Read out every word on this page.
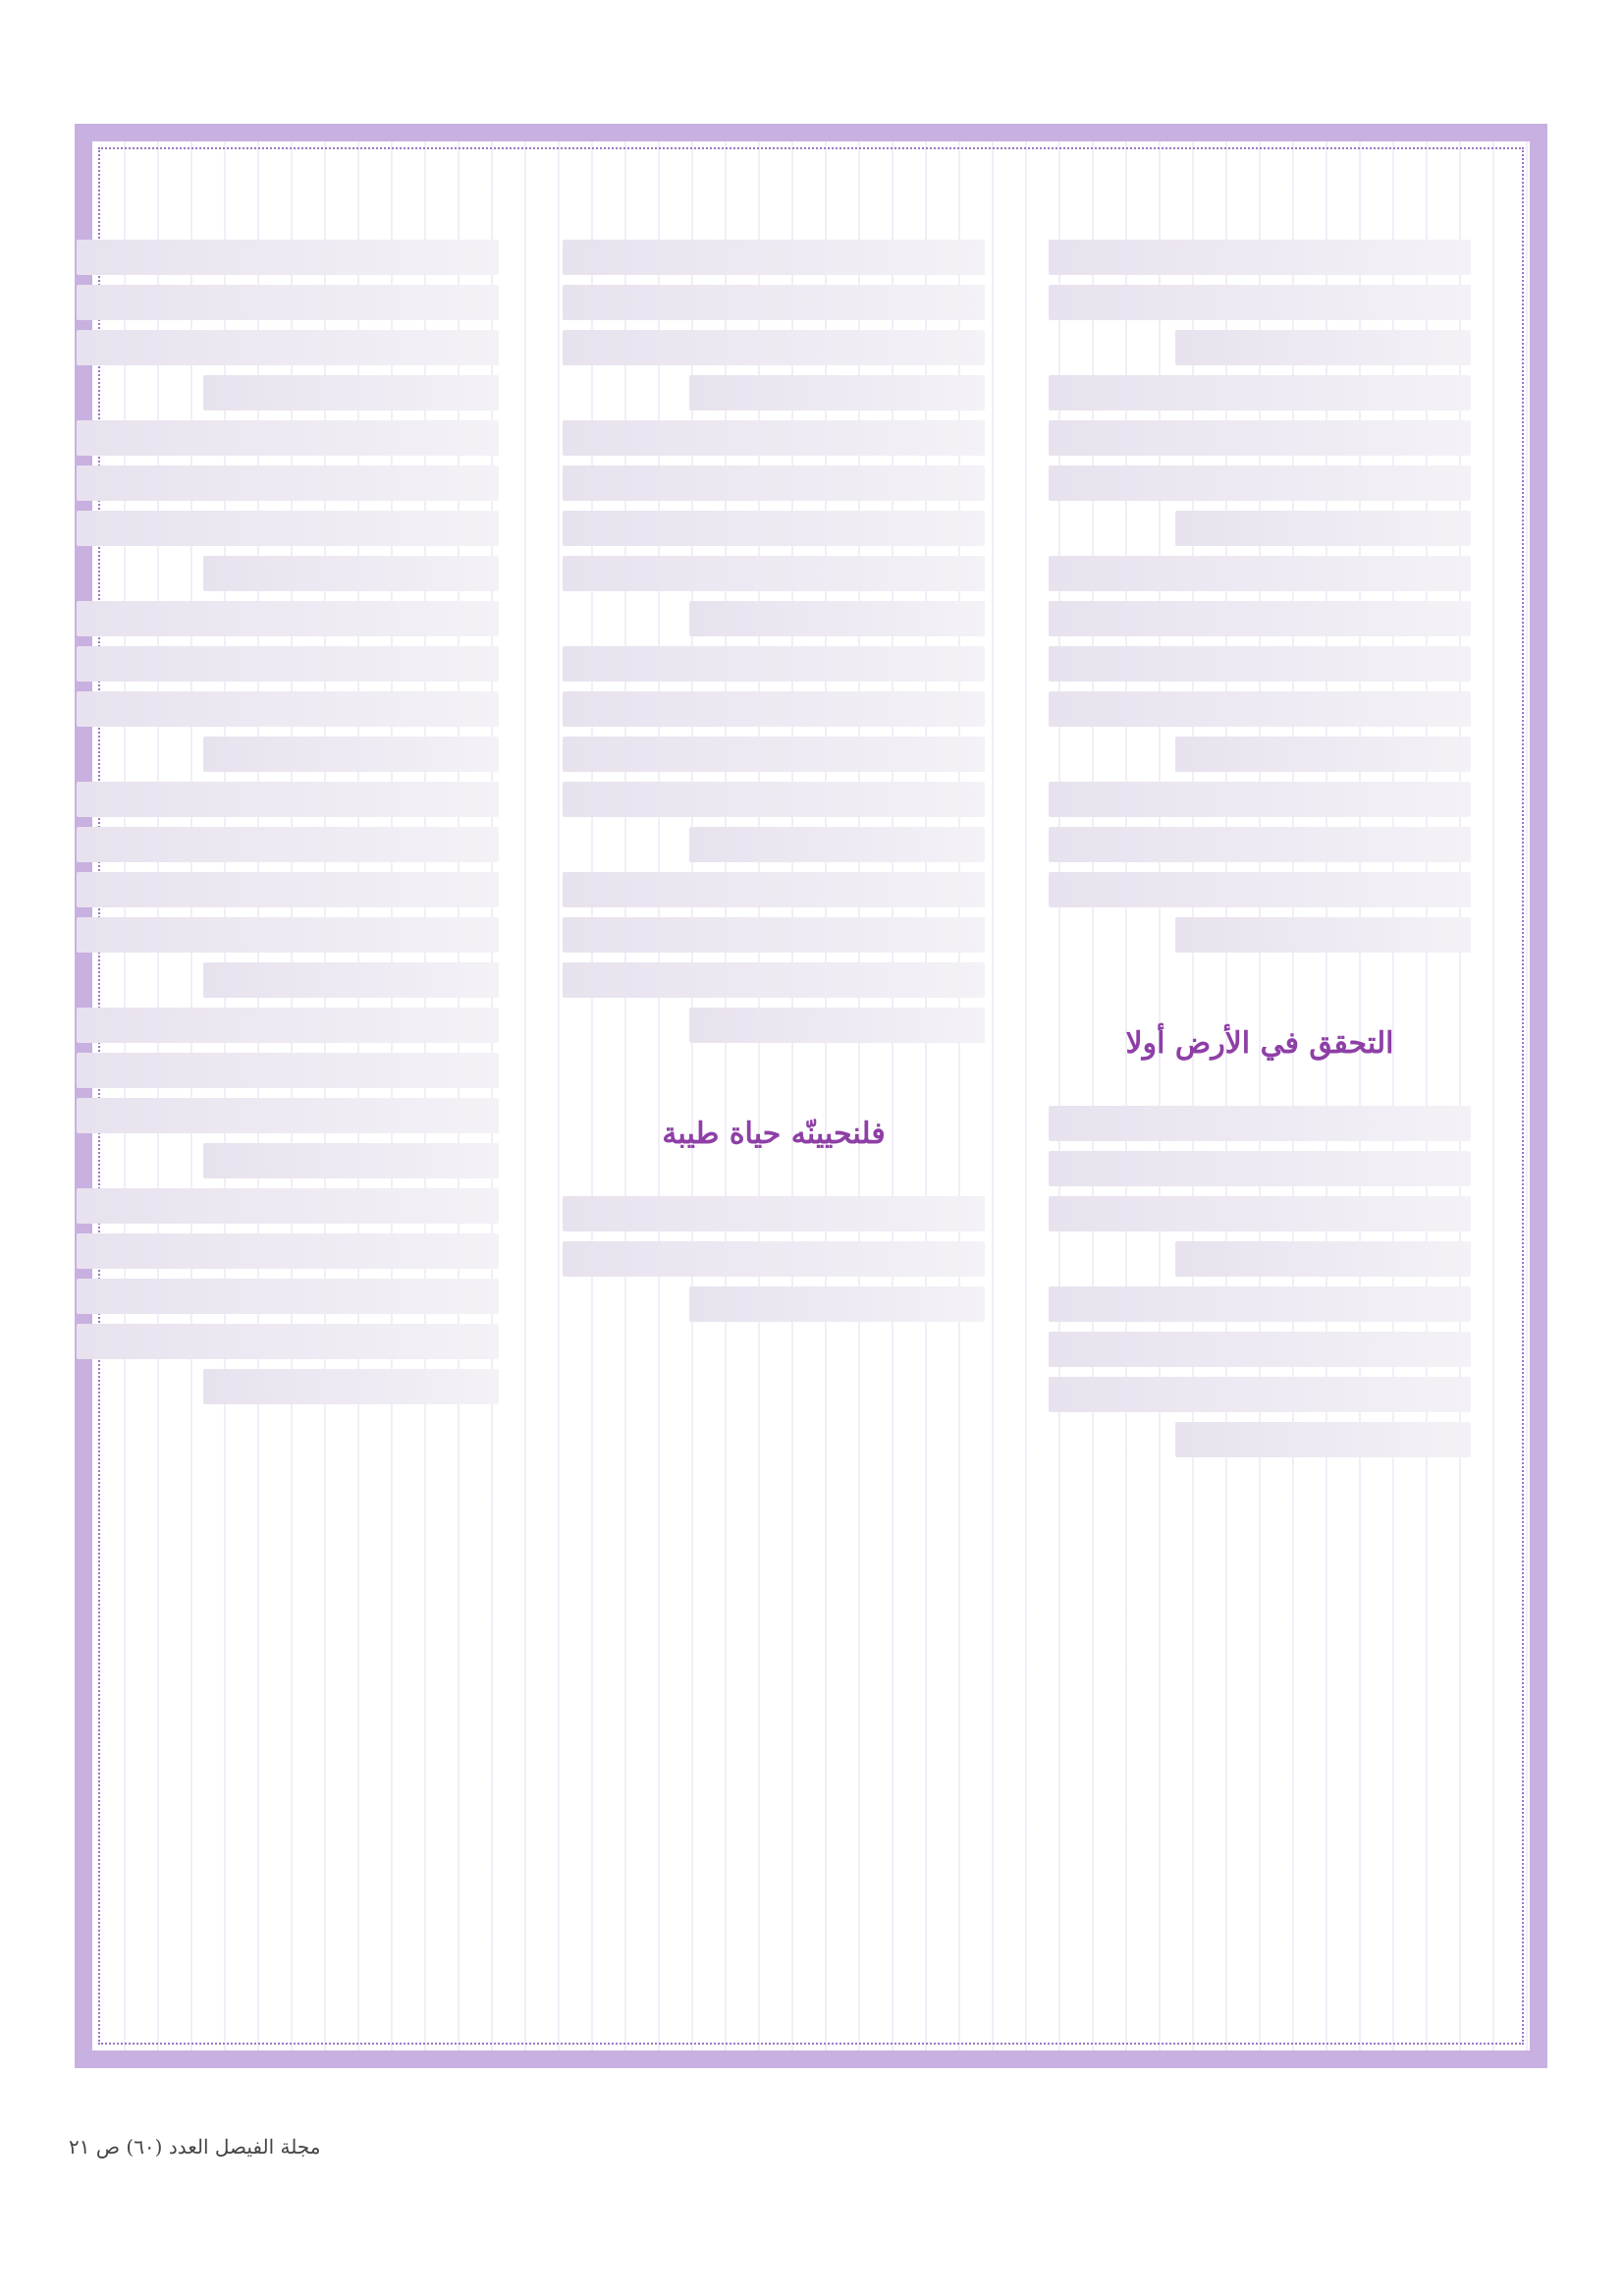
التحقق في الأرض أولا
فلنحيينّه حياة طيبة
مجلة الفيصل العدد (٦٠) ص ٢١
